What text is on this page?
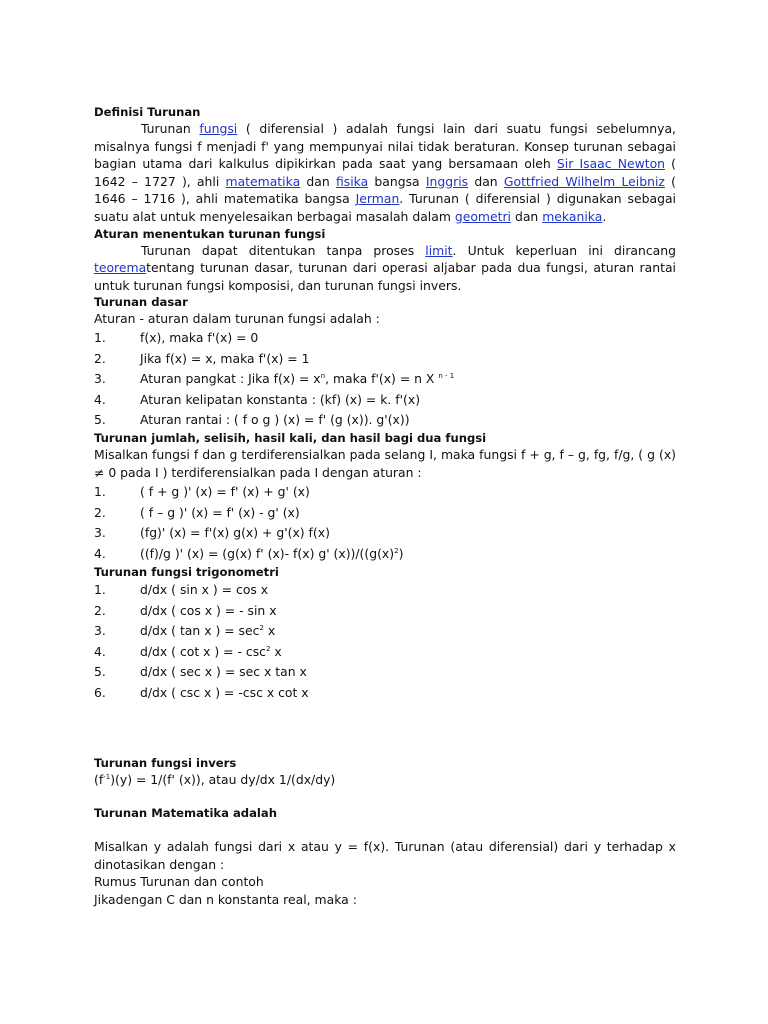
Definisi Turunan
Turunan fungsi ( diferensial ) adalah fungsi lain dari suatu fungsi sebelumnya, misalnya fungsi f menjadi f' yang mempunyai nilai tidak beraturan. Konsep turunan sebagai bagian utama dari kalkulus dipikirkan pada saat yang bersamaan oleh Sir Isaac Newton ( 1642 – 1727 ), ahli matematika dan fisika bangsa Inggris dan Gottfried Wilhelm Leibniz ( 1646 – 1716 ), ahli matematika bangsa Jerman. Turunan ( diferensial ) digunakan sebagai suatu alat untuk menyelesaikan berbagai masalah dalam geometri dan mekanika.
Aturan menentukan turunan fungsi
Turunan dapat ditentukan tanpa proses limit. Untuk keperluan ini dirancang teorematentang turunan dasar, turunan dari operasi aljabar pada dua fungsi, aturan rantai untuk turunan fungsi komposisi, dan turunan fungsi invers.
Turunan dasar
Aturan - aturan dalam turunan fungsi adalah :
1.	f(x), maka f'(x) = 0
2.	Jika f(x) = x, maka f'(x) = 1
3.	Aturan pangkat : Jika $f(x) = x^n$, maka f'(x) = n X $^{n - 1}$
4.	Aturan kelipatan konstanta : (kf) (x) = k. f'(x)
5.	Aturan rantai : ( f o g ) (x) = f' (g (x)). g'(x))
Turunan jumlah, selisih, hasil kali, dan hasil bagi dua fungsi
Misalkan fungsi f dan g terdiferensialkan pada selang I, maka fungsi f + g, f – g, fg, f/g, ( g (x) ≠ 0 pada I ) terdiferensialkan pada I dengan aturan :
1.	( f + g )' (x) = f' (x) + g' (x)
2.	( f – g )' (x) = f' (x) - g' (x)
3.	(fg)' (x) = f'(x) g(x) + g'(x) f(x)
4.	((f)/g )' (x) = (g(x) f' (x)- f(x) g' $(x))/((g(x)^2)$
Turunan fungsi trigonometri
1.	d/dx ( sin x ) = cos x
2.	d/dx ( cos x ) = - sin x
3.	d/dx ( tan x ) = $\sec^2 x$
4.	d/dx ( cot x ) = - $\csc^2 x$
5.	d/dx ( sec x ) = sec x tan x
6.	d/dx ( csc x ) = -csc x cot x
Turunan fungsi invers
$(f^{-1})(y) = 1/(f'$ (x)), atau dy/dx 1/(dx/dy)
Turunan Matematika adalah
Misalkan y adalah fungsi dari x atau y = f(x). Turunan (atau diferensial) dari y terhadap x dinotasikan dengan :
Rumus Turunan dan contoh
Jikadengan C dan n konstanta real, maka :
